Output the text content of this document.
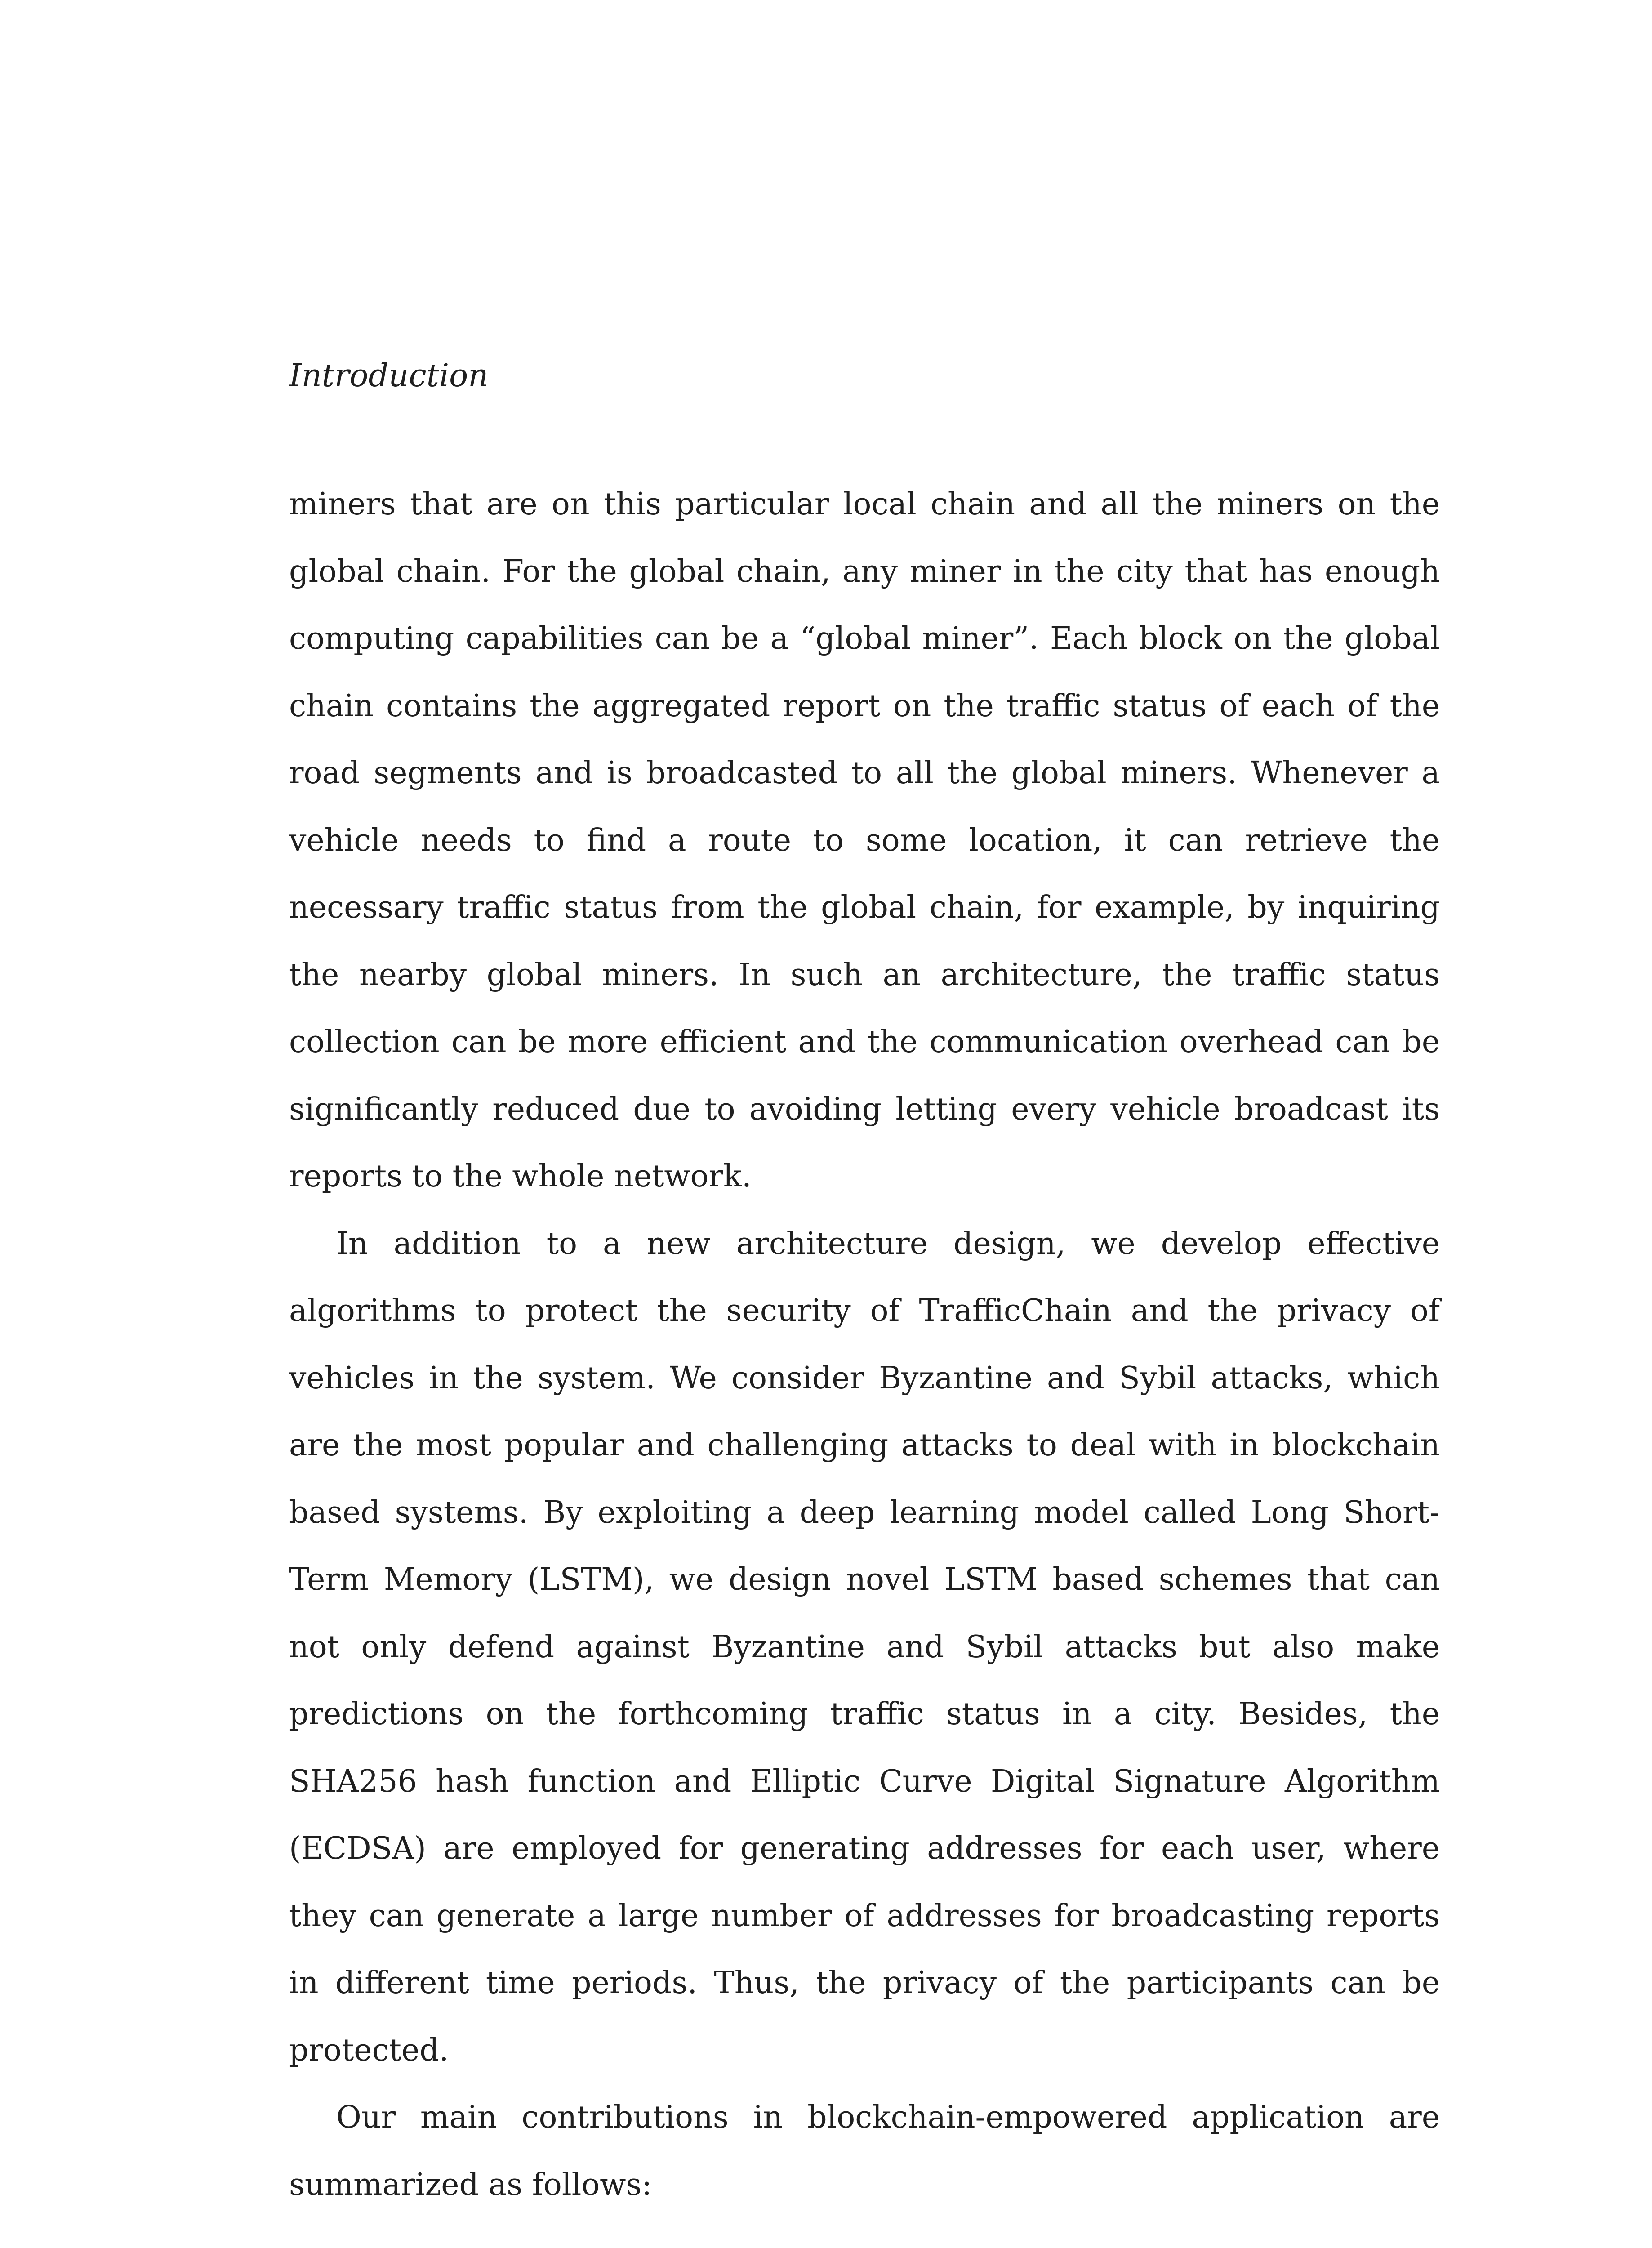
Introduction

miners that are on this particular local chain and all the miners on the global chain. For the global chain, any miner in the city that has enough computing capabilities can be a “global miner”. Each block on the global chain contains the aggregated report on the traffic status of each of the road segments and is broadcasted to all the global miners. Whenever a vehicle needs to find a route to some location, it can retrieve the necessary traffic status from the global chain, for example, by inquiring the nearby global miners. In such an architecture, the traffic status collection can be more efficient and the communication overhead can be significantly reduced due to avoiding letting every vehicle broadcast its reports to the whole network.

In addition to a new architecture design, we develop effective algorithms to protect the security of TrafficChain and the privacy of vehicles in the system. We consider Byzantine and Sybil attacks, which are the most popular and challenging attacks to deal with in blockchain based systems. By exploiting a deep learning model called Long Short-Term Memory (LSTM), we design novel LSTM based schemes that can not only defend against Byzantine and Sybil attacks but also make predictions on the forthcoming traffic status in a city. Besides, the SHA256 hash function and Elliptic Curve Digital Signature Algorithm (ECDSA) are employed for generating addresses for each user, where they can generate a large number of addresses for broadcasting reports in different time periods. Thus, the privacy of the participants can be protected.

Our main contributions in blockchain-empowered application are summarized as follows:
